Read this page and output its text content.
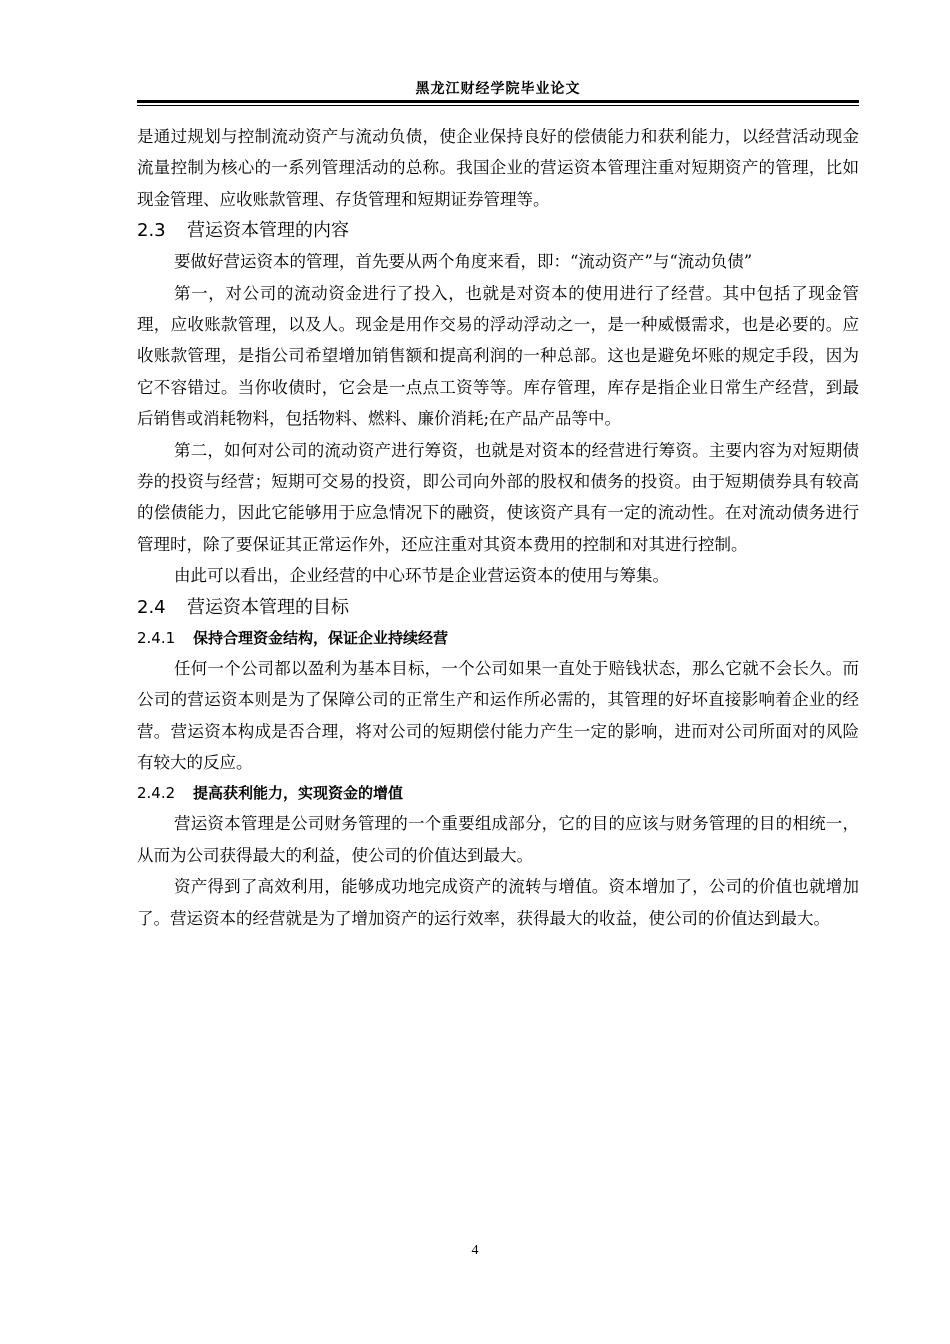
黑龙江财经学院毕业论文

是通过规划与控制流动资产与流动负债，使企业保持良好的偿债能力和获利能力，以经营活动现金流量控制为核心的一系列管理活动的总称。我国企业的营运资本管理注重对短期资产的管理，比如现金管理、应收账款管理、存货管理和短期证券管理等。

2.3 营运资本管理的内容

要做好营运资本的管理，首先要从两个角度来看，即：“流动资产”与“流动负债”

第一，对公司的流动资金进行了投入，也就是对资本的使用进行了经营。其中包括了现金管理，应收账款管理，以及人。现金是用作交易的浮动浮动之一，是一种威慑需求，也是必要的。应收账款管理，是指公司希望增加销售额和提高利润的一种总部。这也是避免坏账的规定手段，因为它不容错过。当你收债时，它会是一点点工资等等。库存管理，库存是指企业日常生产经营，到最后销售或消耗物料，包括物料、燃料、廉价消耗;在产品产品等中。

第二，如何对公司的流动资产进行筹资，也就是对资本的经营进行筹资。主要内容为对短期债券的投资与经营；短期可交易的投资，即公司向外部的股权和债务的投资。由于短期债券具有较高的偿债能力，因此它能够用于应急情况下的融资，使该资产具有一定的流动性。在对流动债务进行管理时，除了要保证其正常运作外，还应注重对其资本费用的控制和对其进行控制。

由此可以看出，企业经营的中心环节是企业营运资本的使用与筹集。

2.4 营运资本管理的目标
2.4.1 保持合理资金结构，保证企业持续经营

任何一个公司都以盈利为基本目标，一个公司如果一直处于赔钱状态，那么它就不会长久。而公司的营运资本则是为了保障公司的正常生产和运作所必需的，其管理的好坏直接影响着企业的经营。营运资本构成是否合理，将对公司的短期偿付能力产生一定的影响，进而对公司所面对的风险有较大的反应。

2.4.2 提高获利能力，实现资金的增值

营运资本管理是公司财务管理的一个重要组成部分，它的目的应该与财务管理的目的相统一，从而为公司获得最大的利益，使公司的价值达到最大。

资产得到了高效利用，能够成功地完成资产的流转与增值。资本增加了，公司的价值也就增加了。营运资本的经营就是为了增加资产的运行效率，获得最大的收益，使公司的价值达到最大。

4
